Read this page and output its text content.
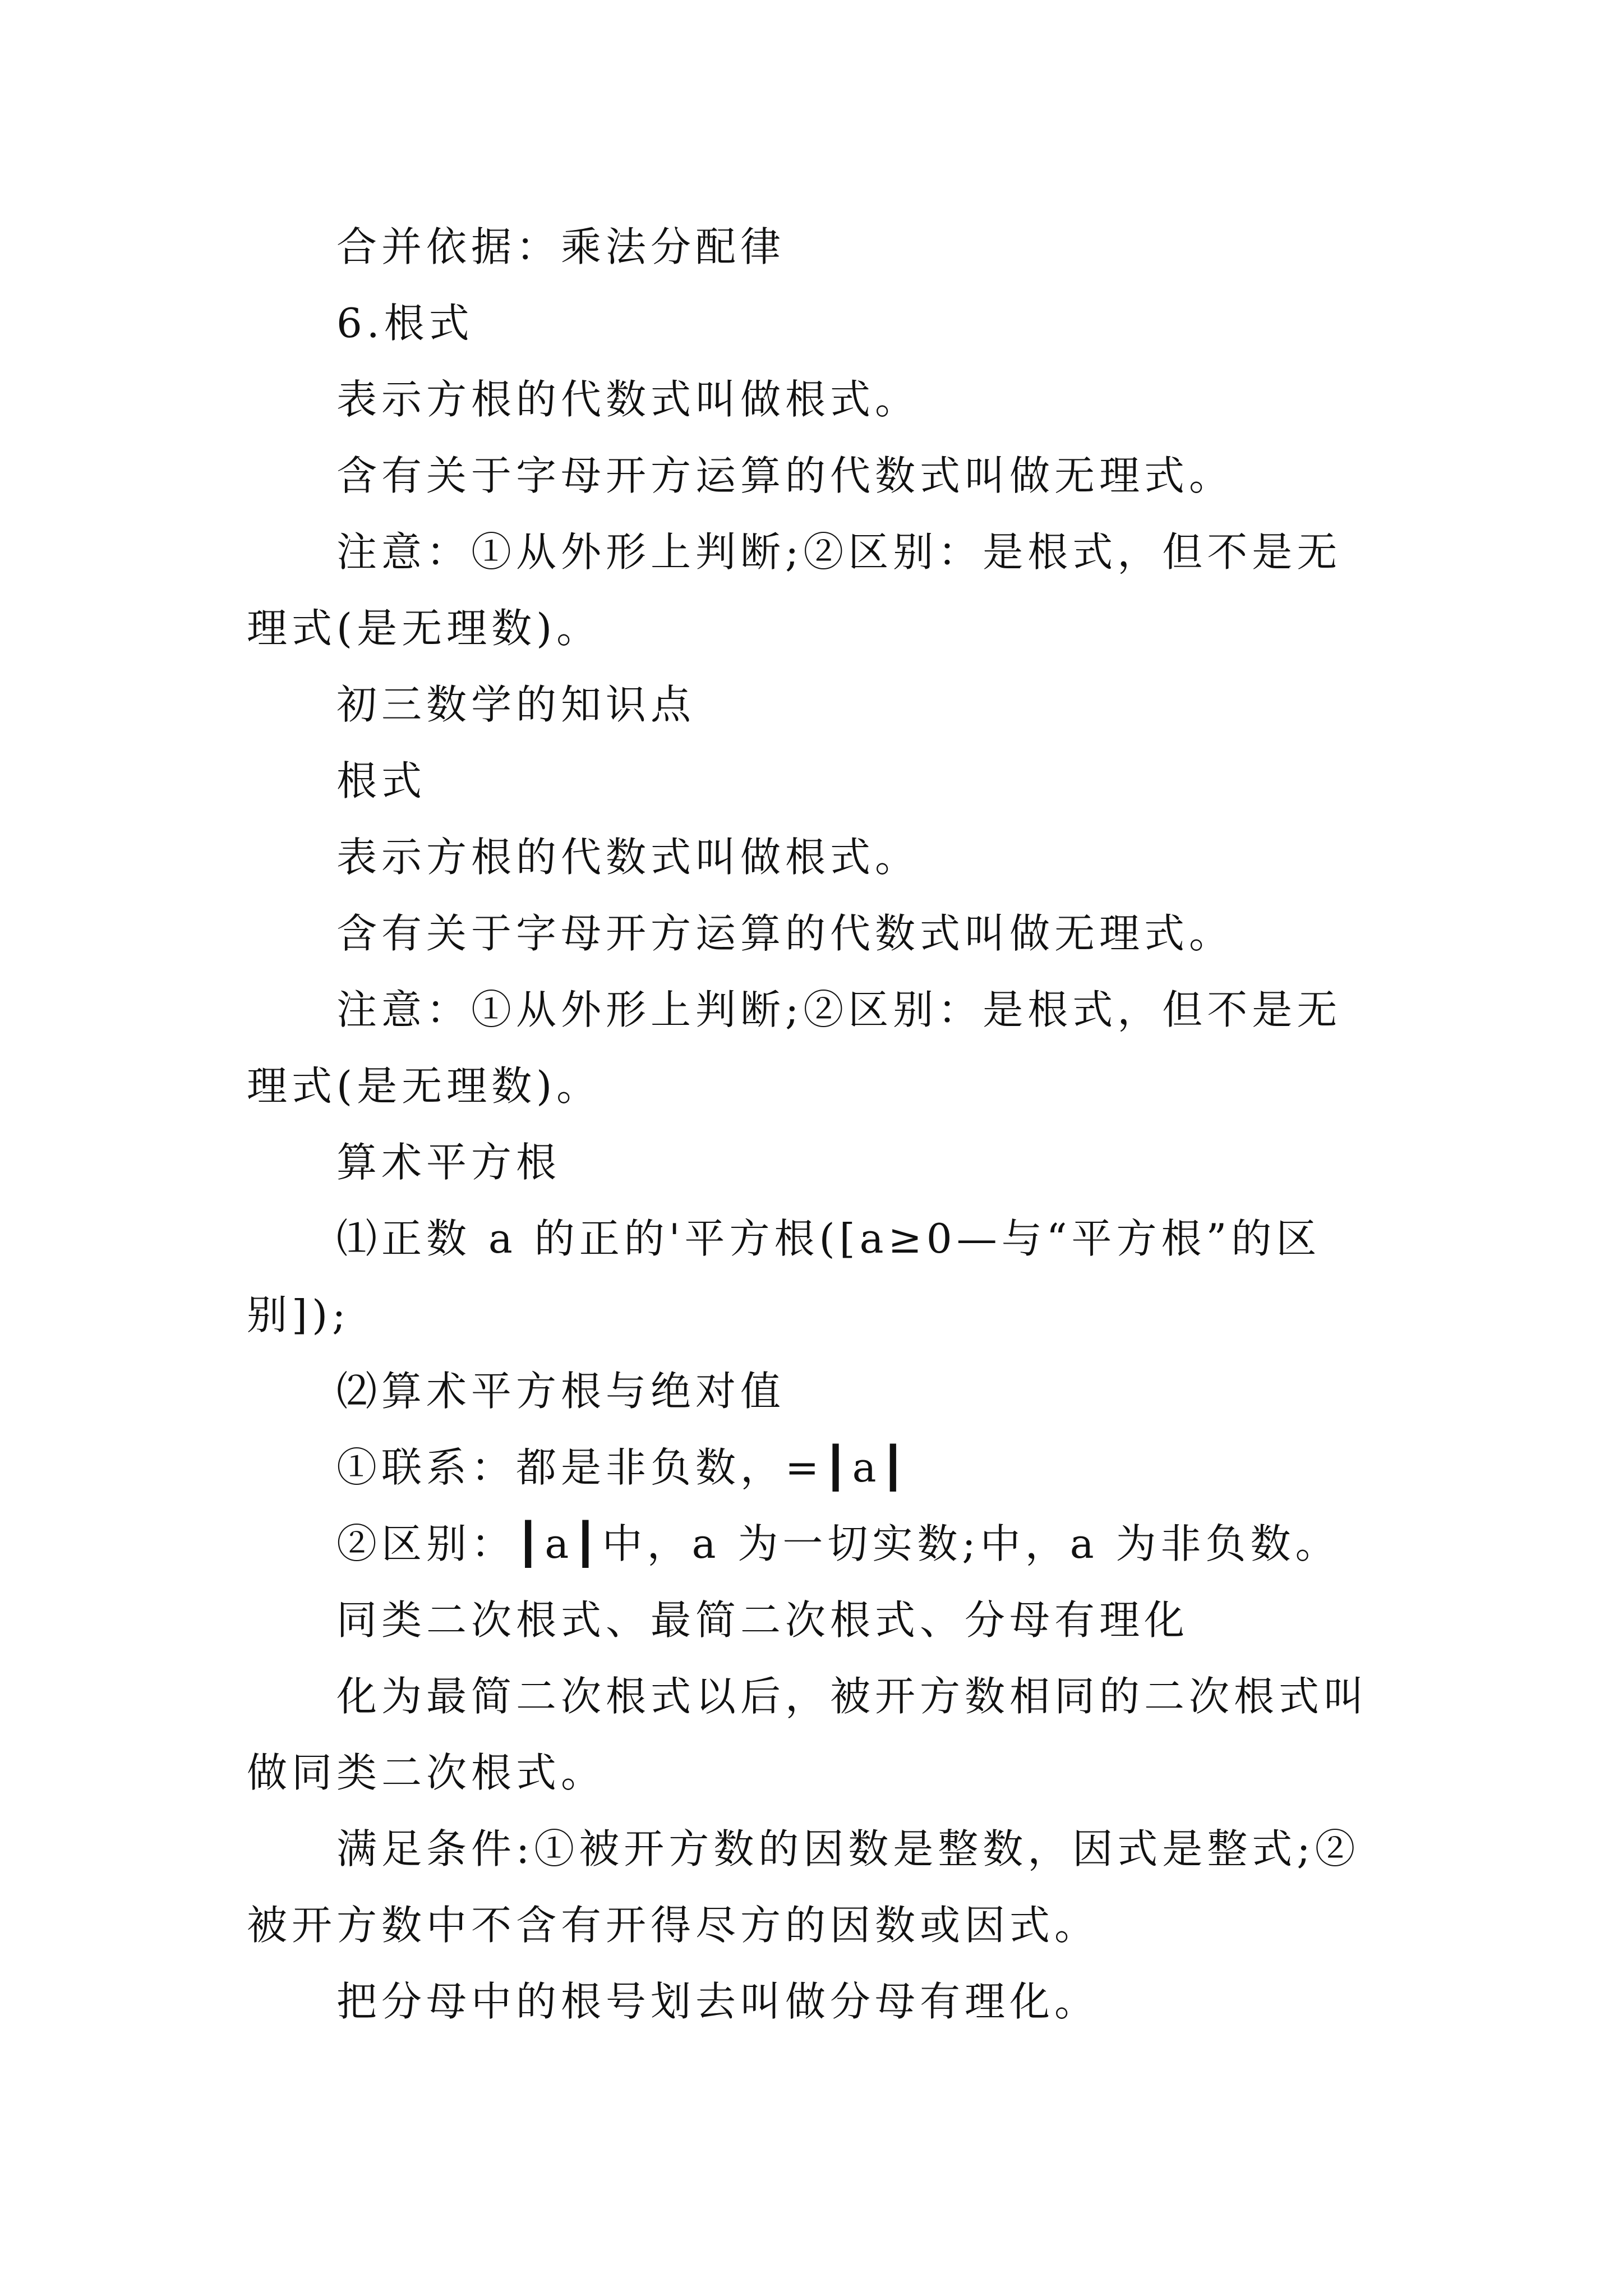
合并依据：乘法分配律

6.根式

表示方根的代数式叫做根式。

含有关于字母开方运算的代数式叫做无理式。

注意：①从外形上判断;②区别：是根式，但不是无理式(是无理数)。

初三数学的知识点

根式

表示方根的代数式叫做根式。

含有关于字母开方运算的代数式叫做无理式。

注意：①从外形上判断;②区别：是根式，但不是无理式(是无理数)。

算术平方根

⑴正数 a 的正的'平方根([a≥0—与“平方根”的区别]);

⑵算术平方根与绝对值

①联系：都是非负数，=┃a┃

②区别：┃a┃中，a 为一切实数;中，a 为非负数。

同类二次根式、最简二次根式、分母有理化

化为最简二次根式以后，被开方数相同的二次根式叫做同类二次根式。

满足条件:①被开方数的因数是整数，因式是整式;②被开方数中不含有开得尽方的因数或因式。

把分母中的根号划去叫做分母有理化。
